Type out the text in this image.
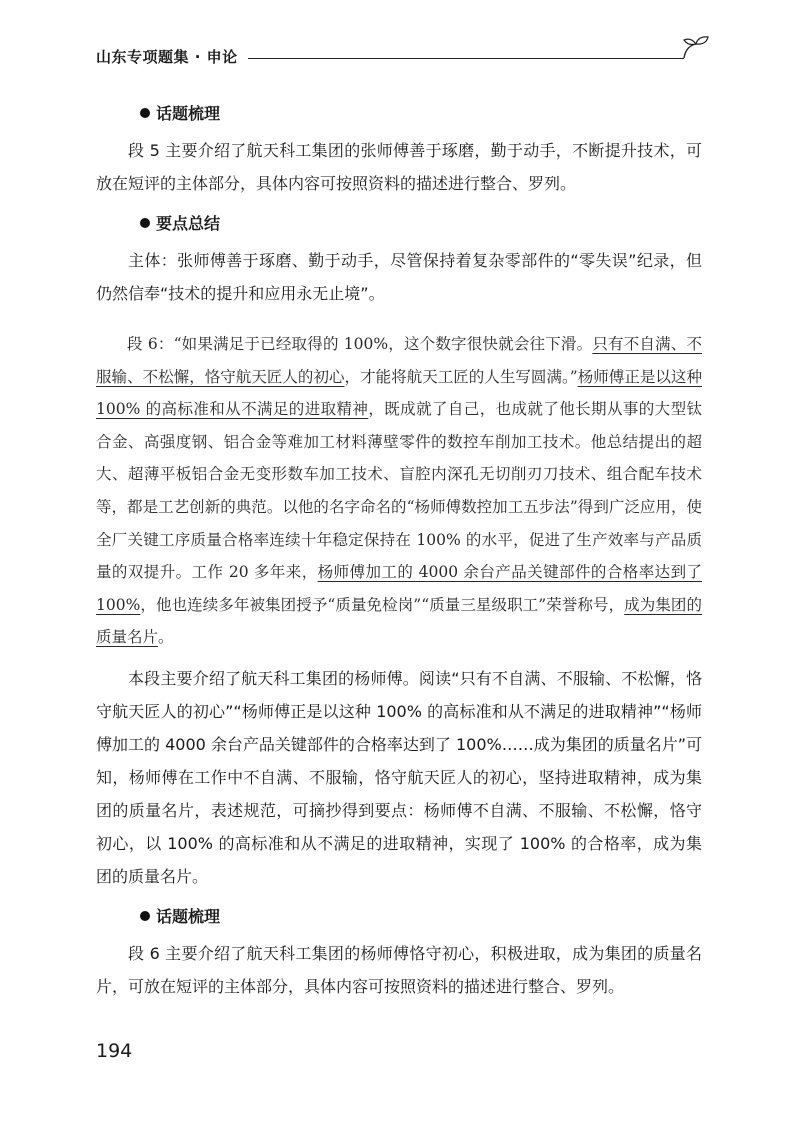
山东专项题集 · 申论

话题梳理

段 5 主要介绍了航天科工集团的张师傅善于琢磨，勤于动手，不断提升技术，可放在短评的主体部分，具体内容可按照资料的描述进行整合、罗列。

要点总结

主体：张师傅善于琢磨、勤于动手，尽管保持着复杂零部件的“零失误”纪录，但仍然信奉“技术的提升和应用永无止境”。

段 6：“如果满足于已经取得的 100%，这个数字很快就会往下滑。只有不自满、不服输、不松懈，恪守航天匠人的初心，才能将航天工匠的人生写圆满。”杨师傅正是以这种 100% 的高标准和从不满足的进取精神，既成就了自己，也成就了他长期从事的大型钛合金、高强度钢、铝合金等难加工材料薄壁零件的数控车削加工技术。他总结提出的超大、超薄平板铝合金无变形数车加工技术、盲腔内深孔无切削刃刀技术、组合配车技术等，都是工艺创新的典范。以他的名字命名的“杨师傅数控加工五步法”得到广泛应用，使全厂关键工序质量合格率连续十年稳定保持在 100% 的水平，促进了生产效率与产品质量的双提升。工作 20 多年来，杨师傅加工的 4000 余台产品关键部件的合格率达到了 100%，他也连续多年被集团授予“质量免检岗”“质量三星级职工”荣誉称号，成为集团的质量名片。

本段主要介绍了航天科工集团的杨师傅。阅读“只有不自满、不服输、不松懈，恪守航天匠人的初心”“杨师傅正是以这种 100% 的高标准和从不满足的进取精神”“杨师傅加工的 4000 余台产品关键部件的合格率达到了 100%……成为集团的质量名片”可知，杨师傅在工作中不自满、不服输，恪守航天匠人的初心，坚持进取精神，成为集团的质量名片，表述规范，可摘抄得到要点：杨师傅不自满、不服输、不松懈，恪守初心，以 100% 的高标准和从不满足的进取精神，实现了 100% 的合格率，成为集团的质量名片。

话题梳理

段 6 主要介绍了航天科工集团的杨师傅恪守初心，积极进取，成为集团的质量名片，可放在短评的主体部分，具体内容可按照资料的描述进行整合、罗列。

194
